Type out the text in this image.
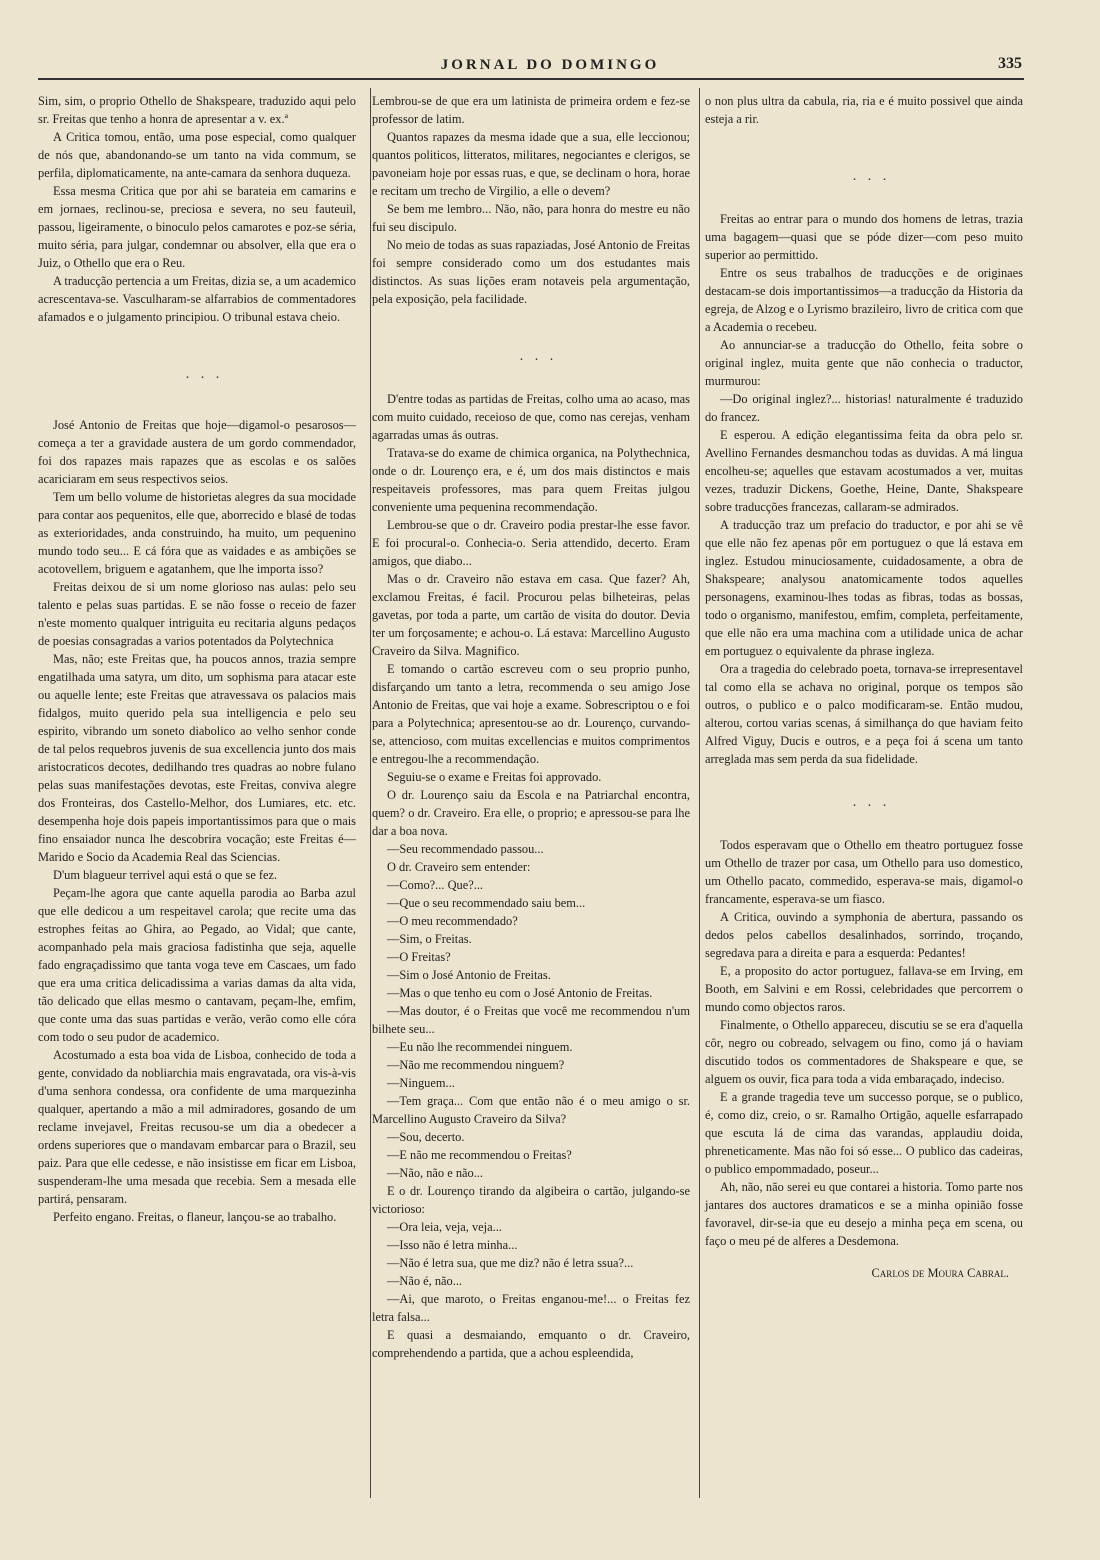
JORNAL DO DOMINGO	335

Sim, sim, o proprio Othello de Shakspeare, traduzido aqui pelo sr. Freitas que tenho a honra de apresentar a v. ex.ª

A Critica tomou, então, uma pose especial, como qualquer de nós que, abandonando-se um tanto na vida commum, se perfila, diplomaticamente, na ante-camara da senhora duqueza.

Essa mesma Critica que por ahi se barateia em camarins e em jornaes, reclinou-se, preciosa e severa, no seu fauteuil, passou, ligeiramente, o binoculo pelos camarotes e poz-se séria, muito séria, para julgar, condemnar ou absolver, ella que era o Juiz, o Othello que era o Reu.

A traducção pertencia a um Freitas, dizia se, a um academico acrescentava-se. Vasculharam-se alfarrabios de commentadores afamados e o julgamento principiou. O tribunal estava cheio.

. . .

José Antonio de Freitas que hoje—digamol-o pesarosos—começa a ter a gravidade austera de um gordo commendador, foi dos rapazes mais rapazes que as escolas e os salões acariciaram em seus respectivos seios.

Tem um bello volume de historietas alegres da sua mocidade para contar aos pequenitos, elle que, aborrecido e blasé de todas as exterioridades, anda construindo, ha muito, um pequenino mundo todo seu... E cá fóra que as vaidades e as ambições se acotovellem, briguem e agatanhem, que lhe importa isso?

Freitas deixou de si um nome glorioso nas aulas: pelo seu talento e pelas suas partidas. E se não fosse o receio de fazer n'este momento qualquer intriguita eu recitaria alguns pedaços de poesias consagradas a varios potentados da Polytechnica

Mas, não; este Freitas que, ha poucos annos, trazia sempre engatilhada uma satyra, um dito, um sophisma para atacar este ou aquelle lente; este Freitas que atravessava os palacios mais fidalgos, muito querido pela sua intelligencia e pelo seu espirito, vibrando um soneto diabolico ao velho senhor conde de tal pelos requebros juvenis de sua excellencia junto dos mais aristocraticos decotes, dedilhando tres quadras ao nobre fulano pelas suas manifestações devotas, este Freitas, conviva alegre dos Fronteiras, dos Castello-Melhor, dos Lumiares, etc. etc. desempenha hoje dois papeis importantissimos para que o mais fino ensaiador nunca lhe descobrira vocação; este Freitas é—Marido e Socio da Academia Real das Sciencias.

D'um blagueur terrivel aqui está o que se fez.

Peçam-lhe agora que cante aquella parodia ao Barba azul que elle dedicou a um respeitavel carola; que recite uma das estrophes feitas ao Ghira, ao Pegado, ao Vidal; que cante, acompanhado pela mais graciosa fadistinha que seja, aquelle fado engraçadissimo que tanta voga teve em Cascaes, um fado que era uma critica delicadissima a varias damas da alta vida, tão delicado que ellas mesmo o cantavam, peçam-lhe, emfim, que conte uma das suas partidas e verão, verão como elle córa com todo o seu pudor de academico.

Acostumado a esta boa vida de Lisboa, conhecido de toda a gente, convidado da nobliarchia mais engravatada, ora vis-à-vis d'uma senhora condessa, ora confidente de uma marquezinha qualquer, apertando a mão a mil admiradores, gosando de um reclame invejavel, Freitas recusou-se um dia a obedecer a ordens superiores que o mandavam embarcar para o Brazil, seu paiz. Para que elle cedesse, e não insistisse em ficar em Lisboa, suspenderam-lhe uma mesada que recebia. Sem a mesada elle partirá, pensaram.

Perfeito engano. Freitas, o flaneur, lançou-se ao trabalho.

Lembrou-se de que era um latinista de primeira ordem e fez-se professor de latim.

Quantos rapazes da mesma idade que a sua, elle leccionou; quantos politicos, litteratos, militares, negociantes e clerigos, se pavoneiam hoje por essas ruas, e que, se declinam o hora, horae e recitam um trecho de Virgilio, a elle o devem?

Se bem me lembro... Não, não, para honra do mestre eu não fui seu discipulo.

No meio de todas as suas rapaziadas, José Antonio de Freitas foi sempre considerado como um dos estudantes mais distinctos. As suas lições eram notaveis pela argumentação, pela exposição, pela facilidade.

. . .

D'entre todas as partidas de Freitas, colho uma ao acaso, mas com muito cuidado, receioso de que, como nas cerejas, venham agarradas umas ás outras.

Tratava-se do exame de chimica organica, na Polythechnica, onde o dr. Lourenço era, e é, um dos mais distinctos e mais respeitaveis professores, mas para quem Freitas julgou conveniente uma pequenina recommendação.

Lembrou-se que o dr. Craveiro podia prestar-lhe esse favor. E foi procural-o. Conhecia-o. Seria attendido, decerto. Eram amigos, que diabo...

Mas o dr. Craveiro não estava em casa. Que fazer? Ah, exclamou Freitas, é facil. Procurou pelas bilheteiras, pelas gavetas, por toda a parte, um cartão de visita do doutor. Devia ter um forçosamente; e achou-o. Lá estava: Marcellino Augusto Craveiro da Silva. Magnifico.

E tomando o cartão escreveu com o seu proprio punho, disfarçando um tanto a letra, recommenda o seu amigo Jose Antonio de Freitas, que vai hoje a exame. Sobrescriptou o e foi para a Polytechnica; apresentou-se ao dr. Lourenço, curvando-se, attencioso, com muitas excellencias e muitos comprimentos e entregou-lhe a recommendação.

Seguiu-se o exame e Freitas foi approvado.

O dr. Lourenço saiu da Escola e na Patriarchal encontra, quem? o dr. Craveiro. Era elle, o proprio; e apressou-se para lhe dar a boa nova.

—Seu recommendado passou...

O dr. Craveiro sem entender:

—Como?... Que?...

—Que o seu recommendado saiu bem...

—O meu recommendado?

—Sim, o Freitas.

—O Freitas?

—Sim o José Antonio de Freitas.

—Mas o que tenho eu com o José Antonio de Freitas.

—Mas doutor, é o Freitas que você me recommendou n'um bilhete seu...

—Eu não lhe recommendei ninguem.

—Não me recommendou ninguem?

—Ninguem...

—Tem graça... Com que então não é o meu amigo o sr. Marcellino Augusto Craveiro da Silva?

—Sou, decerto.

—E não me recommendou o Freitas?

—Não, não e não...

E o dr. Lourenço tirando da algibeira o cartão, julgando-se victorioso:

—Ora leia, veja, veja...

—Isso não é letra minha...

—Não é letra sua, que me diz? não é letra ssua?...

—Não é, não...

—Ai, que maroto, o Freitas enganou-me!... o Freitas fez letra falsa...

E quasi a desmaiando, emquanto o dr. Craveiro, comprehendendo a partida, que a achou espleendida,

o non plus ultra da cabula, ria, ria e é muito possivel que ainda esteja a rir.

. . .

Freitas ao entrar para o mundo dos homens de letras, trazia uma bagagem—quasi que se póde dizer—com peso muito superior ao permittido.

Entre os seus trabalhos de traducções e de originaes destacam-se dois importantissimos—a traducção da Historia da egreja, de Alzog e o Lyrismo brazileiro, livro de critica com que a Academia o recebeu.

Ao annunciar-se a traducção do Othello, feita sobre o original inglez, muita gente que não conhecia o traductor, murmurou:

—Do original inglez?... historias! naturalmente é traduzido do francez.

E esperou. A edição elegantissima feita da obra pelo sr. Avellino Fernandes desmanchou todas as duvidas. A má lingua encolheu-se; aquelles que estavam acostumados a ver, muitas vezes, traduzir Dickens, Goethe, Heine, Dante, Shakspeare sobre traducções francezas, callaram-se admirados.

A traducção traz um prefacio do traductor, e por ahi se vê que elle não fez apenas pôr em portuguez o que lá estava em inglez. Estudou minuciosamente, cuidadosamente, a obra de Shakspeare; analysou anatomicamente todos aquelles personagens, examinou-lhes todas as fibras, todas as bossas, todo o organismo, manifestou, emfim, completa, perfeitamente, que elle não era uma machina com a utilidade unica de achar em portuguez o equivalente da phrase ingleza.

Ora a tragedia do celebrado poeta, tornava-se irrepresentavel tal como ella se achava no original, porque os tempos são outros, o publico e o palco modificaram-se. Então mudou, alterou, cortou varias scenas, á similhança do que haviam feito Alfred Viguy, Ducis e outros, e a peça foi á scena um tanto arreglada mas sem perda da sua fidelidade.

. . .

Todos esperavam que o Othello em theatro portuguez fosse um Othello de trazer por casa, um Othello para uso domestico, um Othello pacato, commedido, esperava-se mais, digamol-o francamente, esperava-se um fiasco.

A Critica, ouvindo a symphonia de abertura, passando os dedos pelos cabellos desalinhados, sorrindo, troçando, segredava para a direita e para a esquerda: Pedantes!

E, a proposito do actor portuguez, fallava-se em Irving, em Booth, em Salvini e em Rossi, celebridades que percorrem o mundo como objectos raros.

Finalmente, o Othello appareceu, discutiu se se era d'aquella côr, negro ou cobreado, selvagem ou fino, como já o haviam discutido todos os commentadores de Shakspeare e que, se alguem os ouvir, fica para toda a vida embaraçado, indeciso.

E a grande tragedia teve um successo porque, se o publico, é, como diz, creio, o sr. Ramalho Ortigão, aquelle esfarrapado que escuta lá de cima das varandas, applaudiu doida, phreneticamente. Mas não foi só esse... O publico das cadeiras, o publico empommadado, poseur...

Ah, não, não serei eu que contarei a historia. Tomo parte nos jantares dos auctores dramaticos e se a minha opinião fosse favoravel, dir-se-ia que eu desejo a minha peça em scena, ou faço o meu pé de alferes a Desdemona.

Carlos de Moura Cabral.
